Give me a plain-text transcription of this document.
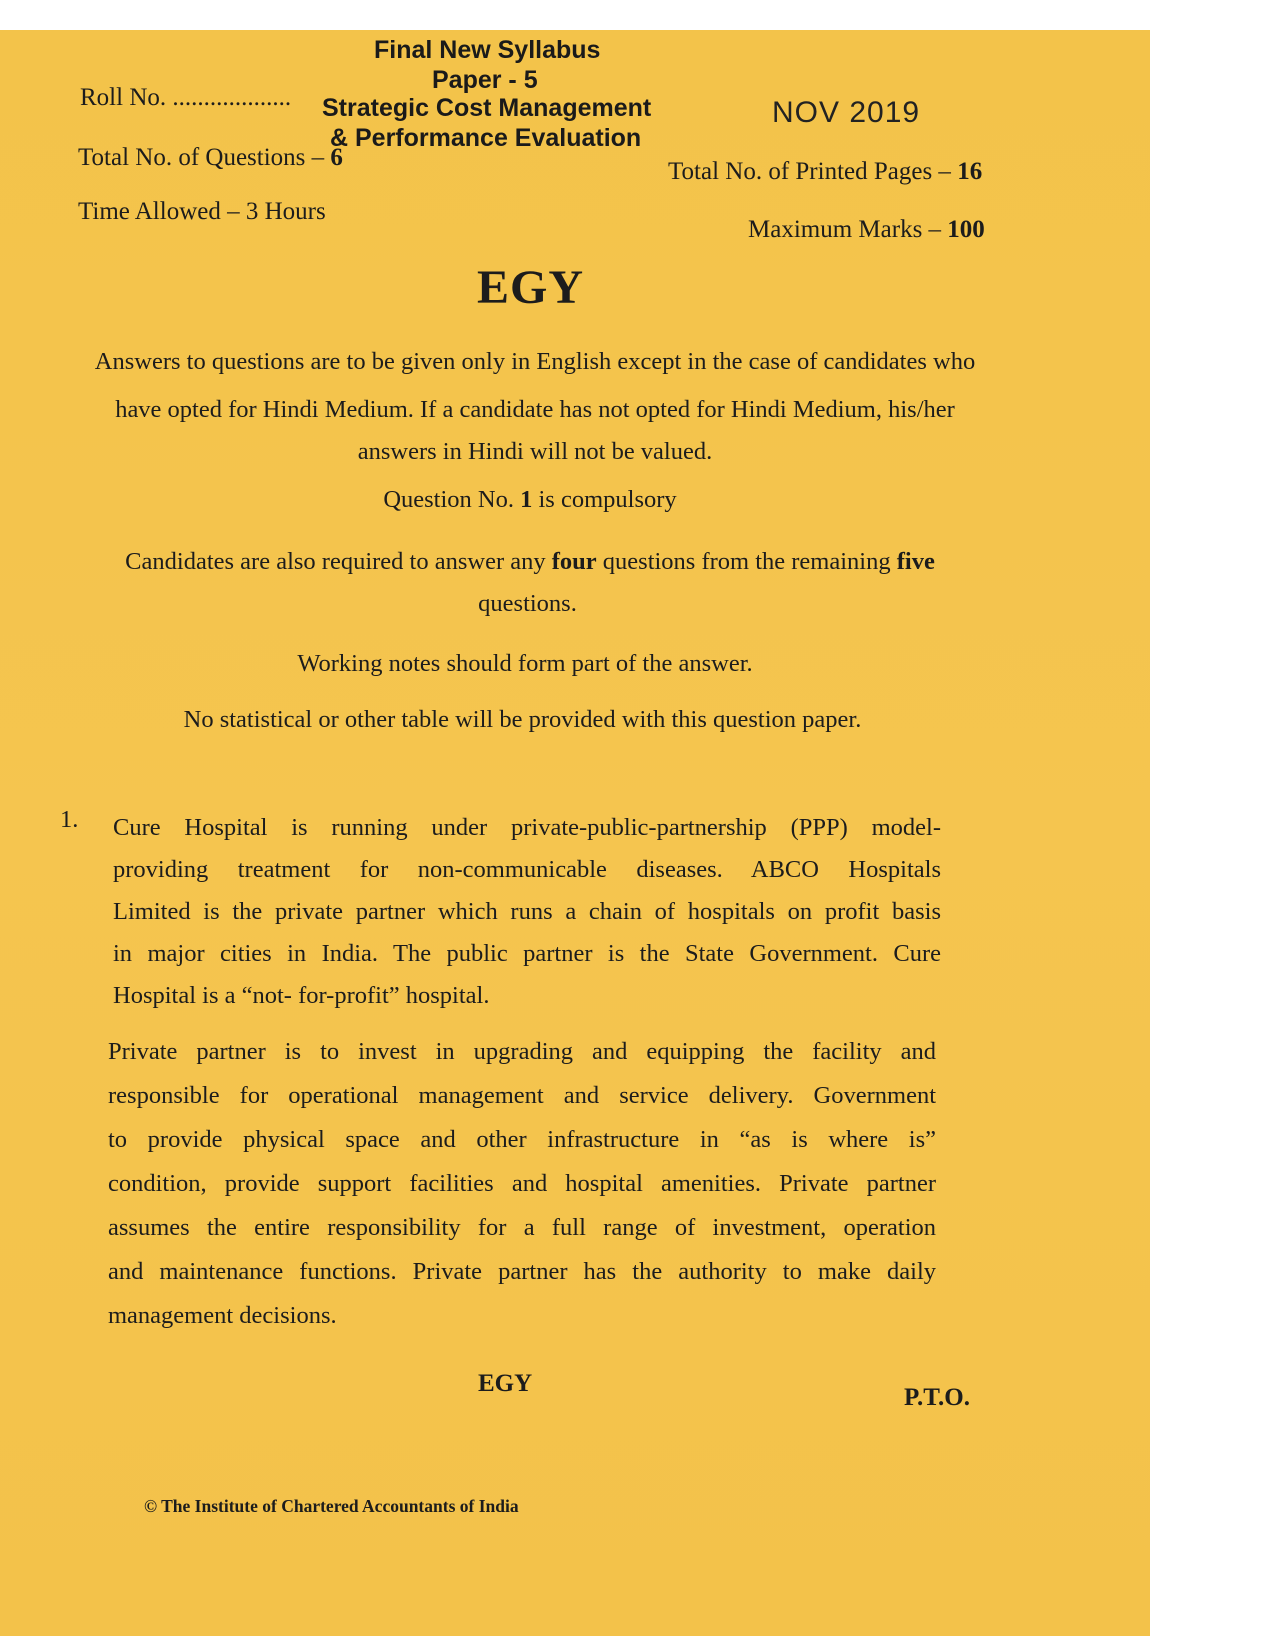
Final New Syllabus
Paper - 5
Roll No. ................... Strategic Cost Management
& Performance Evaluation
NOV 2019
Total No. of Questions – 6
Total No. of Printed Pages – 16
Time Allowed – 3 Hours
Maximum Marks – 100
EGY
Answers to questions are to be given only in English except in the case of candidates who
have opted for Hindi Medium. If a candidate has not opted for Hindi Medium, his/her
answers in Hindi will not be valued.
Question No. 1 is compulsory
Candidates are also required to answer any four questions from the remaining five
questions.
Working notes should form part of the answer.
No statistical or other table will be provided with this question paper.
1. Cure Hospital is running under private-public-partnership (PPP) model-
providing treatment for non-communicable diseases. ABCO Hospitals
Limited is the private partner which runs a chain of hospitals on profit basis
in major cities in India. The public partner is the State Government. Cure
Hospital is a “not- for-profit” hospital.
Private partner is to invest in upgrading and equipping the facility and
responsible for operational management and service delivery. Government
to provide physical space and other infrastructure in “as is where is”
condition, provide support facilities and hospital amenities. Private partner
assumes the entire responsibility for a full range of investment, operation
and maintenance functions. Private partner has the authority to make daily
management decisions.
EGY
P.T.O.
© The Institute of Chartered Accountants of India
